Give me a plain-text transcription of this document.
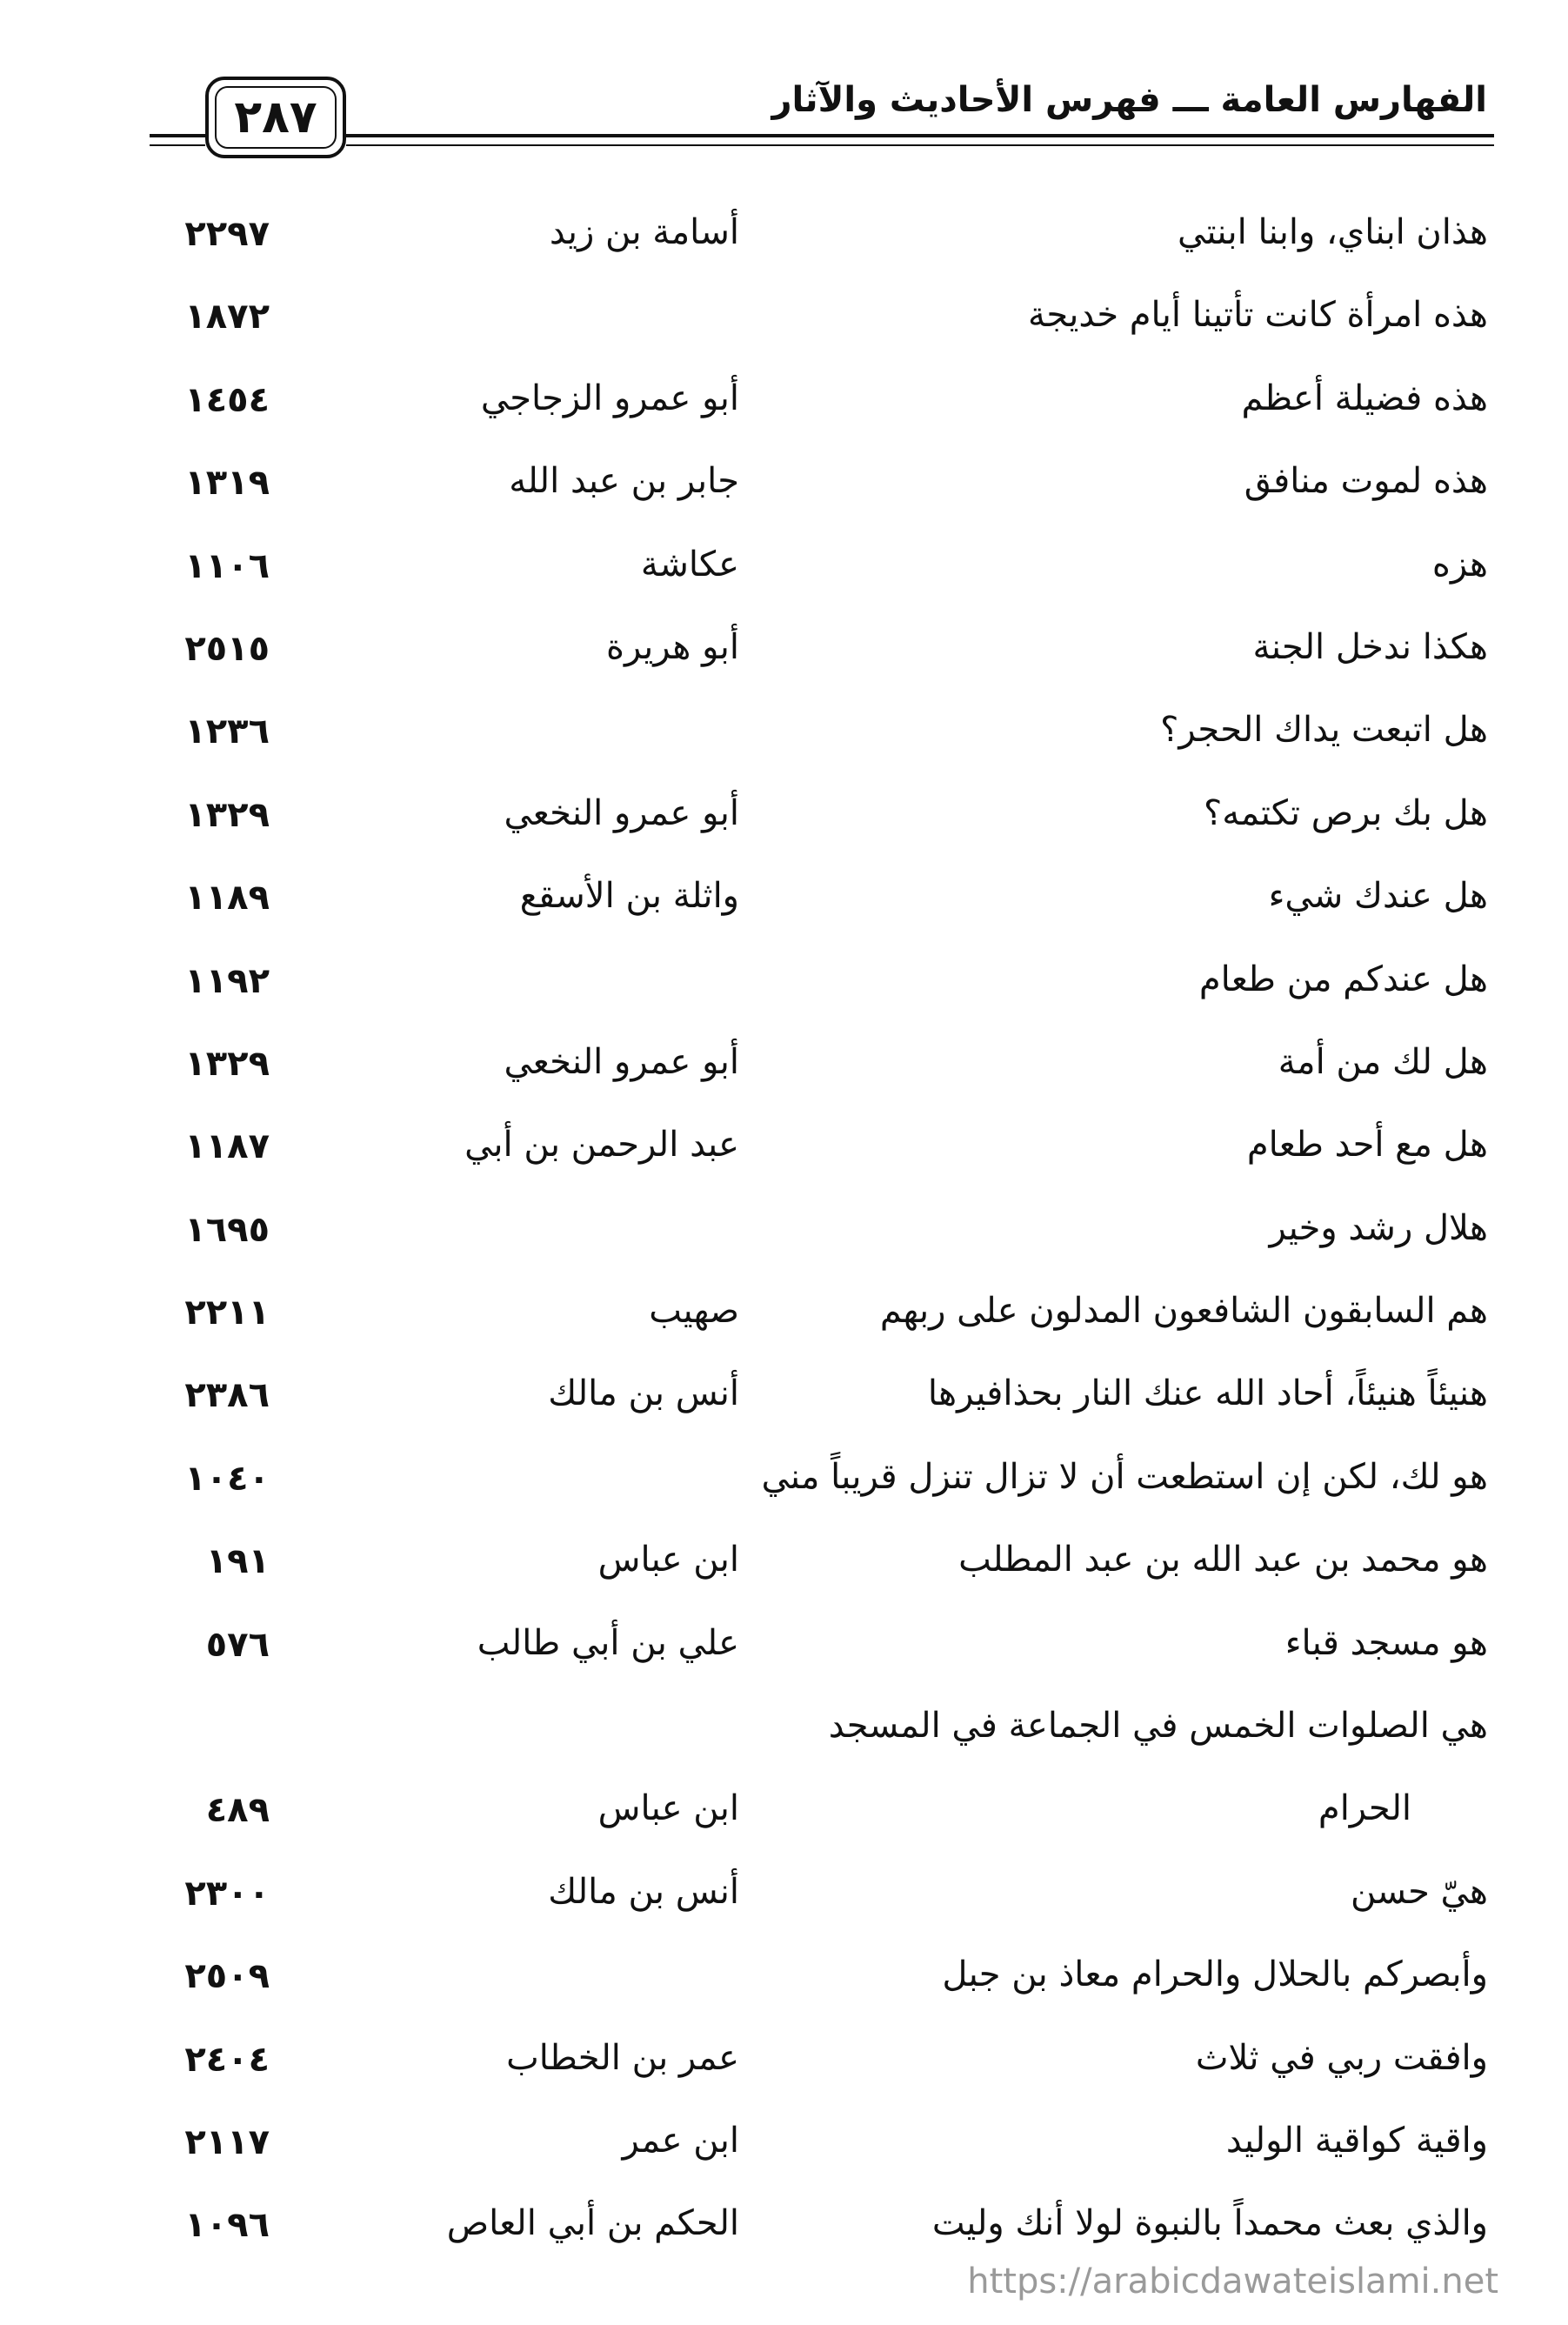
الفهارس العامة ـــ فهرس الأحاديث والآثار
٢٨٧
هذان ابناي، وابنا ابنتي
أسامة بن زيد
٢٢٩٧
هذه امرأة كانت تأتينا أيام خديجة
١٨٧٢
هذه فضيلة أعظم
أبو عمرو الزجاجي
١٤٥٤
هذه لموت منافق
جابر بن عبد الله
١٣١٩
هزه
عكاشة
١١٠٦
هكذا ندخل الجنة
أبو هريرة
٢٥١٥
هل اتبعت يداك الحجر؟
١٢٣٦
هل بك برص تكتمه؟
أبو عمرو النخعي
١٣٢٩
هل عندك شيء
واثلة بن الأسقع
١١٨٩
هل عندكم من طعام
١١٩٢
هل لك من أمة
أبو عمرو النخعي
١٣٢٩
هل مع أحد طعام
عبد الرحمن بن أبي
١١٨٧
هلال رشد وخير
١٦٩٥
هم السابقون الشافعون المدلون على ربهم
صهيب
٢٢١١
هنيئاً هنيئاً، أحاد الله عنك النار بحذافيرها
أنس بن مالك
٢٣٨٦
هو لك، لكن إن استطعت أن لا تزال تنزل قريباً مني
١٠٤٠
هو محمد بن عبد الله بن عبد المطلب
ابن عباس
١٩١
هو مسجد قباء
علي بن أبي طالب
٥٧٦
هي الصلوات الخمس في الجماعة في المسجد
الحرام
ابن عباس
٤٨٩
هيّ حسن
أنس بن مالك
٢٣٠٠
وأبصركم بالحلال والحرام معاذ بن جبل
٢٥٠٩
وافقت ربي في ثلاث
عمر بن الخطاب
٢٤٠٤
واقية كواقية الوليد
ابن عمر
٢١١٧
والذي بعث محمداً بالنبوة لولا أنك وليت
الحكم بن أبي العاص
١٠٩٦
https://arabicdawateislami.net
